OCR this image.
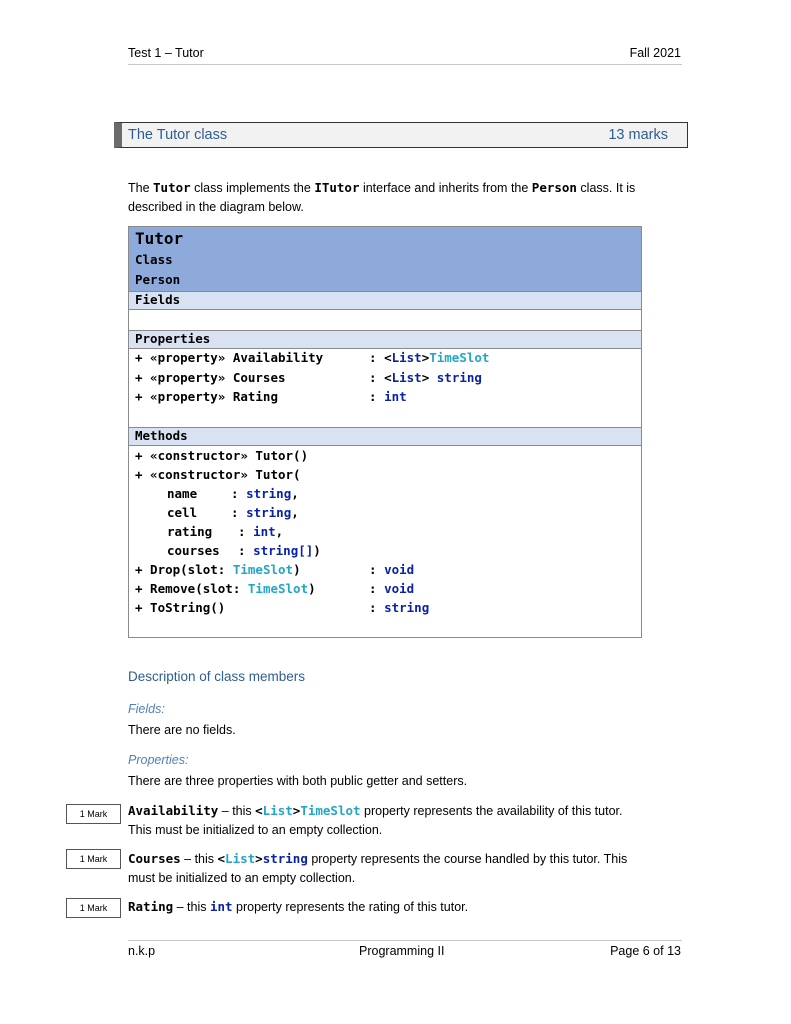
Test 1 – Tutor	Fall 2021
The Tutor class	13 marks
The Tutor class implements the ITutor interface and inherits from the Person class. It is
described in the diagram below.
Tutor
Class
Person
Fields
Properties
+ «property» Availability	: <List>TimeSlot
+ «property» Courses	: <List> string
+ «property» Rating	: int
Methods
+ «constructor» Tutor()
+ «constructor» Tutor(
name	: string,
cell	: string,
rating : int,
courses : string[])
+ Drop(slot: TimeSlot)	: void
+ Remove(slot: TimeSlot)	: void
+ ToString()	: string
Description of class members
Fields:
There are no fields.
Properties:
There are three properties with both public getter and setters.
1 Mark	Availability – this <List>TimeSlot property represents the availability of this tutor.
This must be initialized to an empty collection.
1 Mark	Courses – this <List>string property represents the course handled by this tutor. This
must be initialized to an empty collection.
1 Mark	Rating – this int property represents the rating of this tutor.
n.k.p	Programming II	Page 6 of 13
